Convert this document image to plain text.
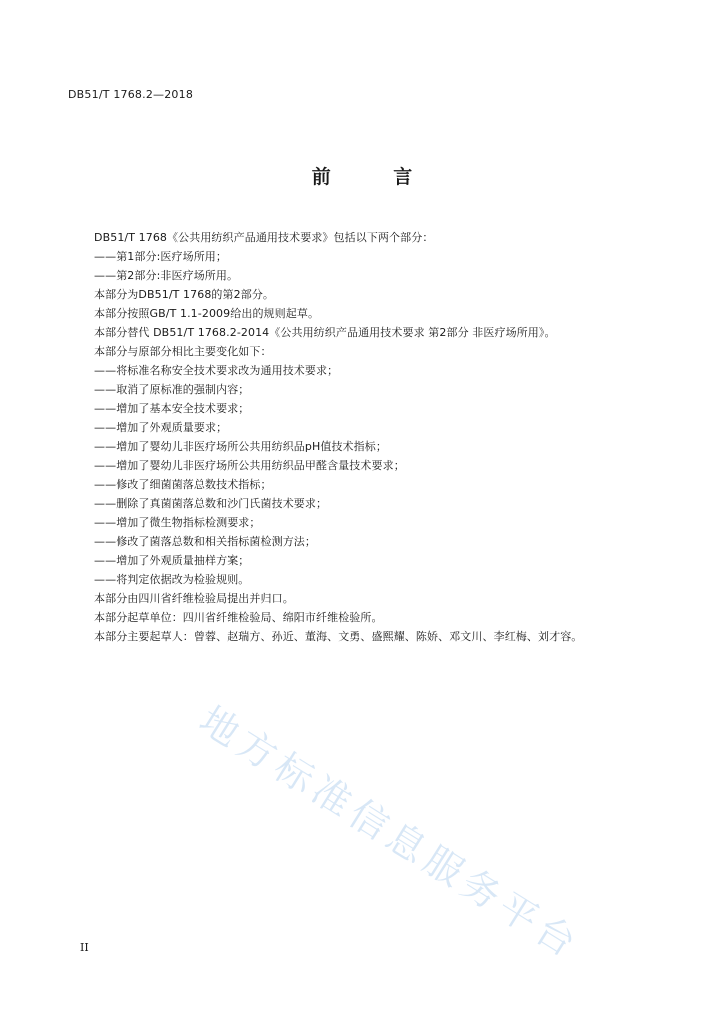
DB51/T 1768.2—2018

前 言
DB51/T 1768《公共用纺织产品通用技术要求》包括以下两个部分：
——第1部分:医疗场所用；
——第2部分:非医疗场所用。
本部分为DB51/T 1768的第2部分。
本部分按照GB/T 1.1-2009给出的规则起草。
本部分替代 DB51/T 1768.2-2014《公共用纺织产品通用技术要求 第2部分 非医疗场所用》。
本部分与原部分相比主要变化如下：
——将标准名称安全技术要求改为通用技术要求；
——取消了原标准的强制内容；
——增加了基本安全技术要求；
——增加了外观质量要求；
——增加了婴幼儿非医疗场所公共用纺织品pH值技术指标；
——增加了婴幼儿非医疗场所公共用纺织品甲醛含量技术要求；
——修改了细菌菌落总数技术指标；
——删除了真菌菌落总数和沙门氏菌技术要求；
——增加了微生物指标检测要求；
——修改了菌落总数和相关指标菌检测方法；
——增加了外观质量抽样方案；
——将判定依据改为检验规则。
本部分由四川省纤维检验局提出并归口。
本部分起草单位：四川省纤维检验局、绵阳市纤维检验所。
本部分主要起草人：曾蓉、赵瑞方、孙近、董海、文勇、盛熙耀、陈娇、邓文川、李红梅、刘才容。
地方标准信息服务平台

II
